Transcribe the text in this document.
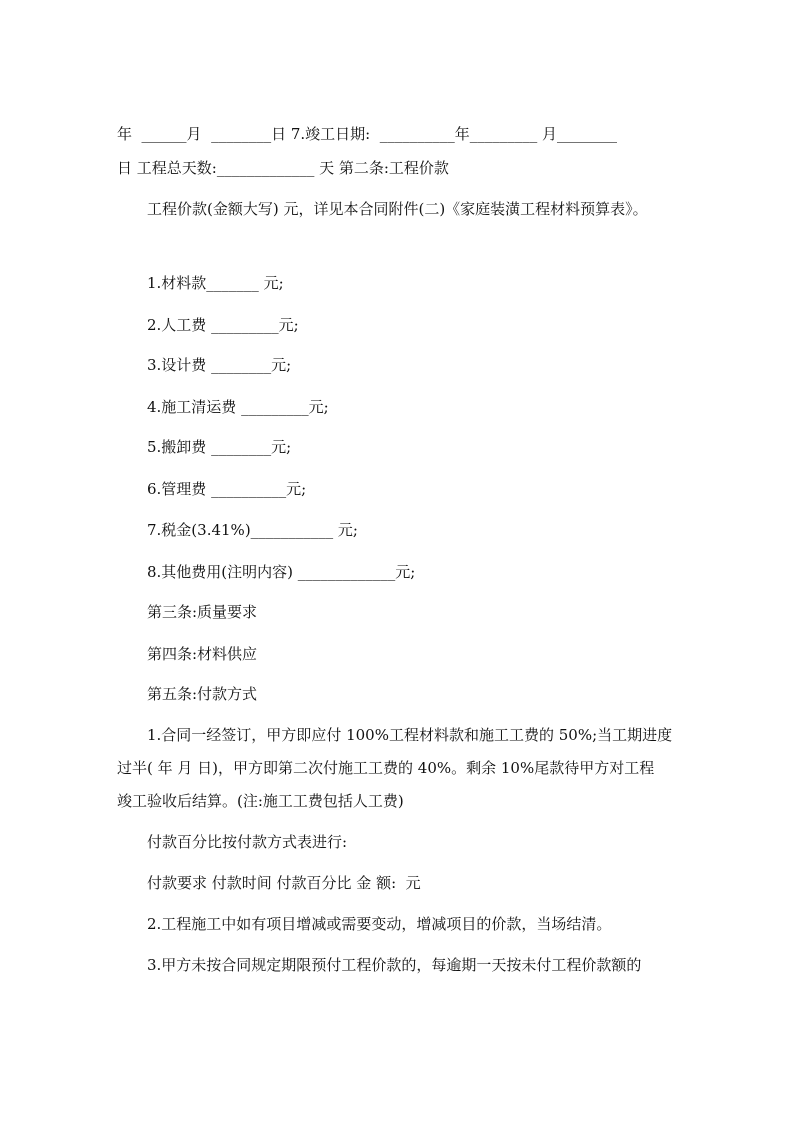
年  ______月  ________日 7.竣工日期:  __________年_________ 月________
日 工程总天数:_____________ 天 第二条:工程价款
工程价款(金额大写) 元，详见本合同附件(二)《家庭装潢工程材料预算表》。
1.材料款_______ 元;
2.人工费 _________元;
3.设计费 ________元;
4.施工清运费 _________元;
5.搬卸费 ________元;
6.管理费 __________元;
7.税金(3.41%)___________ 元;
8.其他费用(注明内容) _____________元;
第三条:质量要求
第四条:材料供应
第五条:付款方式
1.合同一经签订，甲方即应付 100%工程材料款和施工工费的 50%;当工期进度
过半( 年 月 日)，甲方即第二次付施工工费的 40%。剩余 10%尾款待甲方对工程
竣工验收后结算。(注:施工工费包括人工费)
付款百分比按付款方式表进行:
付款要求 付款时间 付款百分比 金 额:  元
2.工程施工中如有项目增减或需要变动，增减项目的价款，当场结清。
3.甲方未按合同规定期限预付工程价款的，每逾期一天按未付工程价款额的
